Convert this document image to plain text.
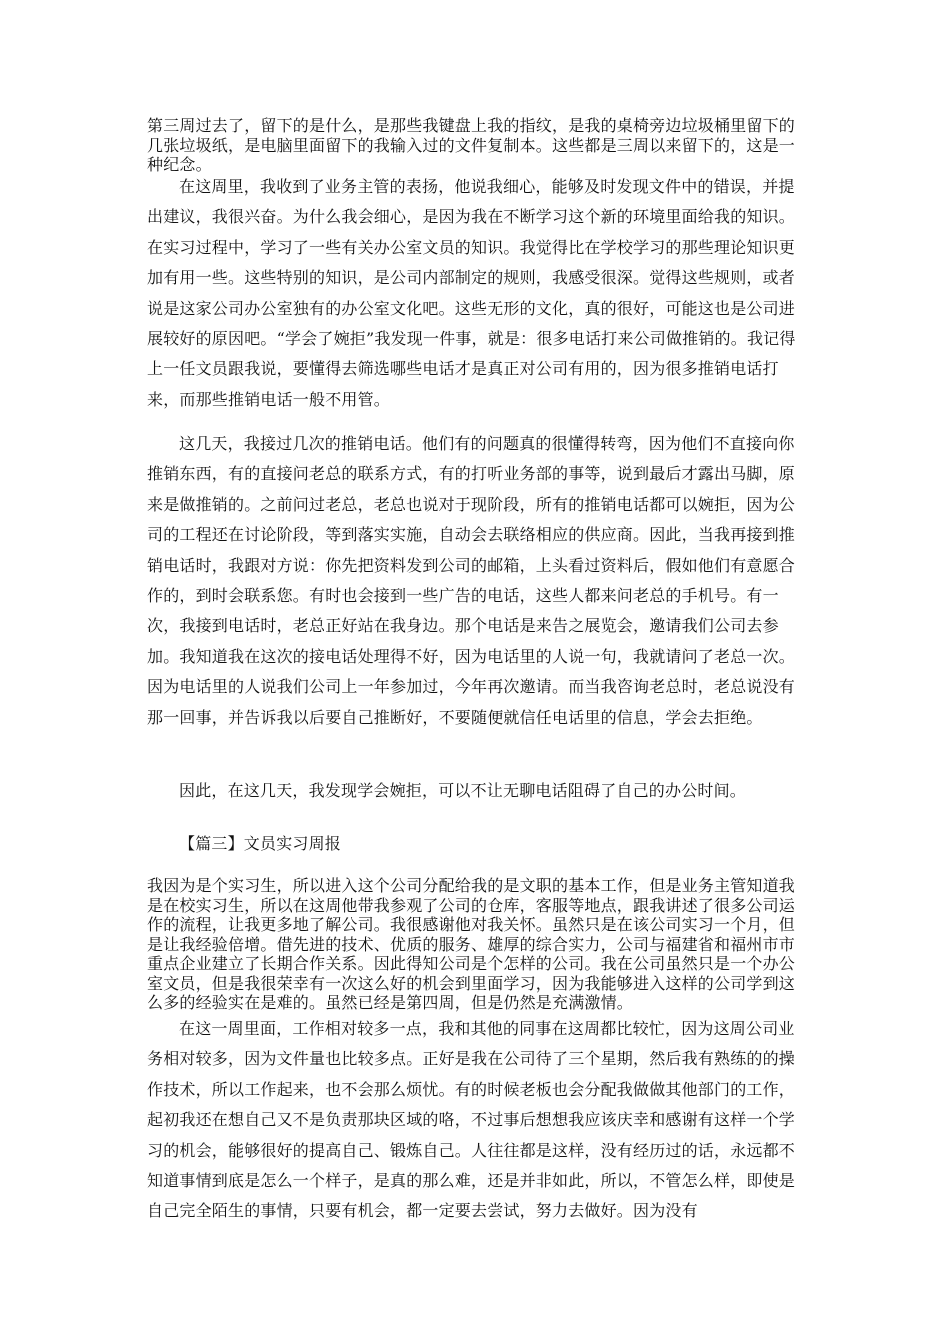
第三周过去了，留下的是什么，是那些我键盘上我的指纹，是我的桌椅旁边垃圾桶里留下的几张垃圾纸，是电脑里面留下的我输入过的文件复制本。这些都是三周以来留下的，这是一种纪念。

在这周里，我收到了业务主管的表扬，他说我细心，能够及时发现文件中的错误，并提出建议，我很兴奋。为什么我会细心，是因为我在不断学习这个新的环境里面给我的知识。在实习过程中，学习了一些有关办公室文员的知识。我觉得比在学校学习的那些理论知识更加有用一些。这些特别的知识，是公司内部制定的规则，我感受很深。觉得这些规则，或者说是这家公司办公室独有的办公室文化吧。这些无形的文化，真的很好，可能这也是公司进展较好的原因吧。“学会了婉拒”我发现一件事，就是：很多电话打来公司做推销的。我记得上一任文员跟我说，要懂得去筛选哪些电话才是真正对公司有用的，因为很多推销电话打来，而那些推销电话一般不用管。

这几天，我接过几次的推销电话。他们有的问题真的很懂得转弯，因为他们不直接向你推销东西，有的直接问老总的联系方式，有的打听业务部的事等，说到最后才露出马脚，原来是做推销的。之前问过老总，老总也说对于现阶段，所有的推销电话都可以婉拒，因为公司的工程还在讨论阶段，等到落实实施，自动会去联络相应的供应商。因此，当我再接到推销电话时，我跟对方说：你先把资料发到公司的邮箱，上头看过资料后，假如他们有意愿合作的，到时会联系您。有时也会接到一些广告的电话，这些人都来问老总的手机号。有一次，我接到电话时，老总正好站在我身边。那个电话是来告之展览会，邀请我们公司去参加。我知道我在这次的接电话处理得不好，因为电话里的人说一句，我就请问了老总一次。因为电话里的人说我们公司上一年参加过，今年再次邀请。而当我咨询老总时，老总说没有那一回事，并告诉我以后要自己推断好，不要随便就信任电话里的信息，学会去拒绝。

因此，在这几天，我发现学会婉拒，可以不让无聊电话阻碍了自己的办公时间。

【篇三】文员实习周报

我因为是个实习生，所以进入这个公司分配给我的是文职的基本工作，但是业务主管知道我是在校实习生，所以在这周他带我参观了公司的仓库，客服等地点，跟我讲述了很多公司运作的流程，让我更多地了解公司。我很感谢他对我关怀。虽然只是在该公司实习一个月，但是让我经验倍增。借先进的技术、优质的服务、雄厚的综合实力，公司与福建省和福州市市重点企业建立了长期合作关系。因此得知公司是个怎样的公司。我在公司虽然只是一个办公室文员，但是我很荣幸有一次这么好的机会到里面学习，因为我能够进入这样的公司学到这么多的经验实在是难的。虽然已经是第四周，但是仍然是充满激情。

在这一周里面，工作相对较多一点，我和其他的同事在这周都比较忙，因为这周公司业务相对较多，因为文件量也比较多点。正好是我在公司待了三个星期，然后我有熟练的的操作技术，所以工作起来，也不会那么烦忧。有的时候老板也会分配我做做其他部门的工作，起初我还在想自己又不是负责那块区域的咯，不过事后想想我应该庆幸和感谢有这样一个学习的机会，能够很好的提高自己、锻炼自己。人往往都是这样，没有经历过的话，永远都不知道事情到底是怎么一个样子，是真的那么难，还是并非如此，所以，不管怎么样，即使是自己完全陌生的事情，只要有机会，都一定要去尝试，努力去做好。因为没有
